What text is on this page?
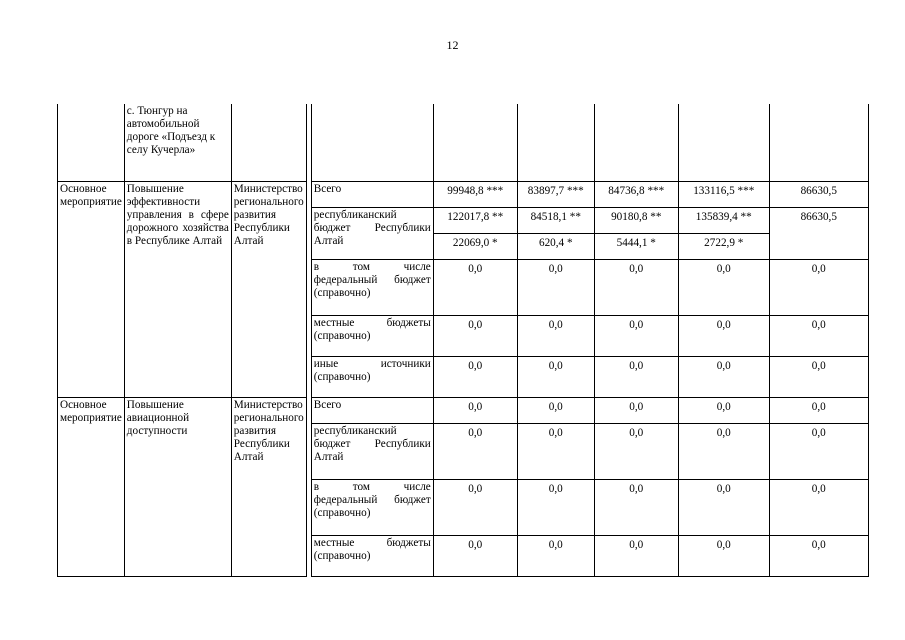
12
	с. Тюнгур на автомобильной дороге «Подъезд к селу Кучерла»								
Основное мероприятие	Повышение эффективности управления в сфере дорожного хозяйства в Республике Алтай	Министерство регионального развития Республики Алтай		Всего	99948,8 ***	83897,7 ***	84736,8 ***	133116,5 ***	86630,5
				республиканский бюджет Республики Алтай	122017,8 **	84518,1 **	90180,8 **	135839,4 **	86630,5
					22069,0 *	620,4 *	5444,1 *	2722,9 *	
				в том числе федеральный бюджет (справочно)	0,0	0,0	0,0	0,0	0,0
				местные бюджеты (справочно)	0,0	0,0	0,0	0,0	0,0
				иные источники (справочно)	0,0	0,0	0,0	0,0	0,0
Основное мероприятие	Повышение авиационной доступности	Министерство регионального развития Республики Алтай		Всего	0,0	0,0	0,0	0,0	0,0
				республиканский бюджет Республики Алтай	0,0	0,0	0,0	0,0	0,0
				в том числе федеральный бюджет (справочно)	0,0	0,0	0,0	0,0	0,0
				местные бюджеты (справочно)	0,0	0,0	0,0	0,0	0,0
